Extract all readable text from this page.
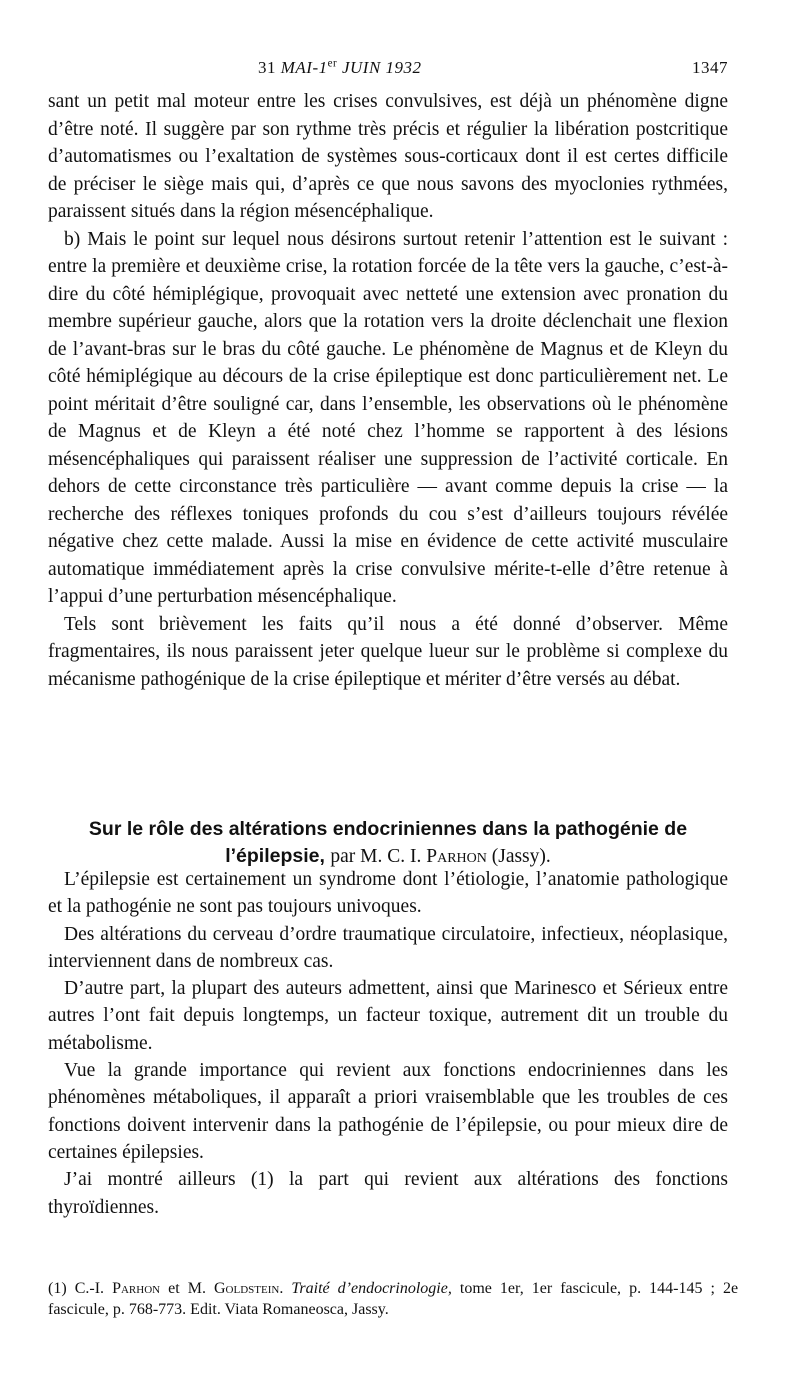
31 MAI-1er JUIN 1932	1347

sant un petit mal moteur entre les crises convulsives, est déjà un phénomène digne d’être noté. Il suggère par son rythme très précis et régulier la libération postcritique d’automatismes ou l’exaltation de systèmes sous-corticaux dont il est certes difficile de préciser le siège mais qui, d’après ce que nous savons des myoclonies rythmées, paraissent situés dans la région mésencéphalique.

b) Mais le point sur lequel nous désirons surtout retenir l’attention est le suivant : entre la première et deuxième crise, la rotation forcée de la tête vers la gauche, c’est-à-dire du côté hémiplégique, provoquait avec netteté une extension avec pronation du membre supérieur gauche, alors que la rotation vers la droite déclenchait une flexion de l’avant-bras sur le bras du côté gauche. Le phénomène de Magnus et de Kleyn du côté hémiplégique au décours de la crise épileptique est donc particulièrement net. Le point méritait d’être souligné car, dans l’ensemble, les observations où le phénomène de Magnus et de Kleyn a été noté chez l’homme se rapportent à des lésions mésencéphaliques qui paraissent réaliser une suppression de l’activité corticale. En dehors de cette circonstance très particulière — avant comme depuis la crise — la recherche des réflexes toniques profonds du cou s’est d’ailleurs toujours révélée négative chez cette malade. Aussi la mise en évidence de cette activité musculaire automatique immédiatement après la crise convulsive mérite-t-elle d’être retenue à l’appui d’une perturbation mésencéphalique.

Tels sont brièvement les faits qu’il nous a été donné d’observer. Même fragmentaires, ils nous paraissent jeter quelque lueur sur le problème si complexe du mécanisme pathogénique de la crise épileptique et mériter d’être versés au débat.

Sur le rôle des altérations endocriniennes dans la pathogénie de
l’épilepsie, par M. C. I. Parhon (Jassy).

L’épilepsie est certainement un syndrome dont l’étiologie, l’anatomie pathologique et la pathogénie ne sont pas toujours univoques.

Des altérations du cerveau d’ordre traumatique circulatoire, infectieux, néoplasique, interviennent dans de nombreux cas.

D’autre part, la plupart des auteurs admettent, ainsi que Marinesco et Sérieux entre autres l’ont fait depuis longtemps, un facteur toxique, autrement dit un trouble du métabolisme.

Vue la grande importance qui revient aux fonctions endocriniennes dans les phénomènes métaboliques, il apparaît a priori vraisemblable que les troubles de ces fonctions doivent intervenir dans la pathogénie de l’épilepsie, ou pour mieux dire de certaines épilepsies.

J’ai montré ailleurs (1) la part qui revient aux altérations des fonctions thyroïdiennes.

(1) C.-I. Parhon et M. Goldstein. Traité d’endocrinologie, tome 1er, 1er fascicule, p. 144-145 ; 2e fascicule, p. 768-773. Edit. Viata Romaneosca, Jassy.
